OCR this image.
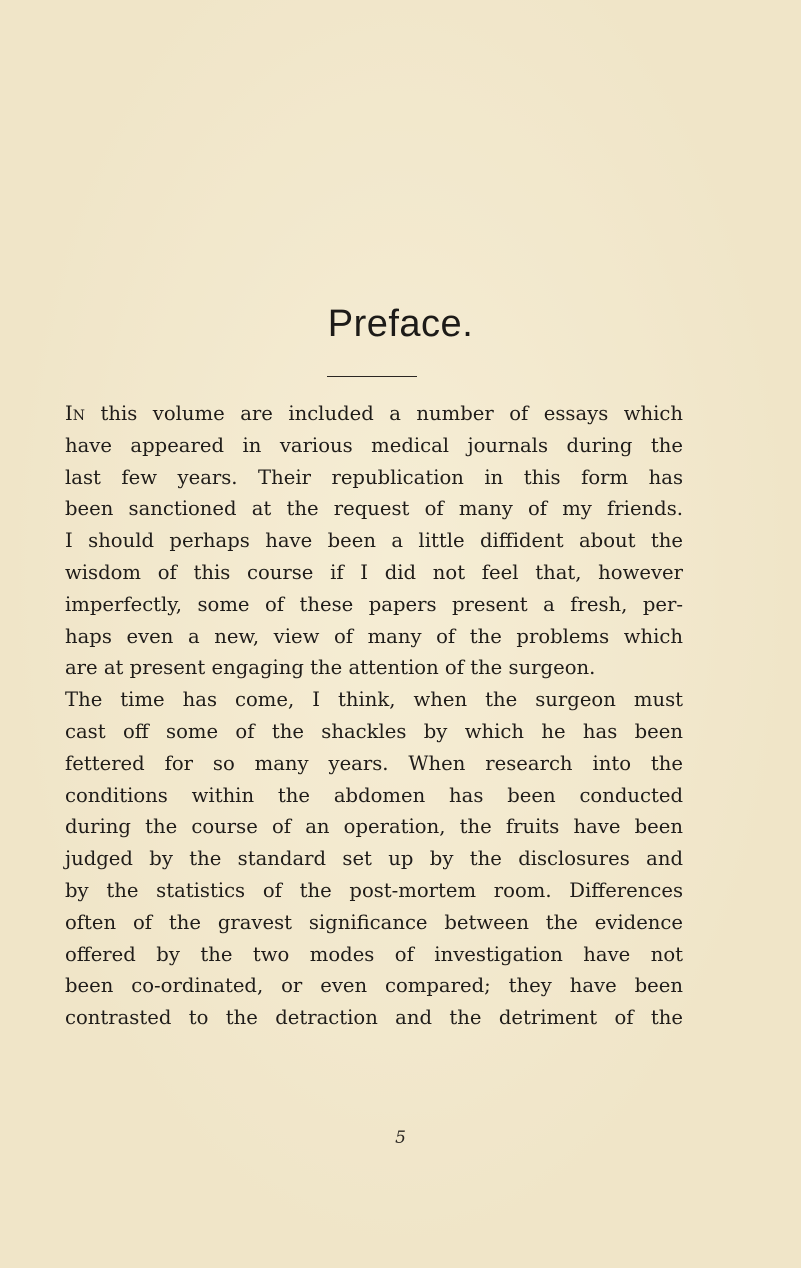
Preface.
In this volume are included a number of essays which
have appeared in various medical journals during the
last few years. Their republication in this form has
been sanctioned at the request of many of my friends.
I should perhaps have been a little diffident about the
wisdom of this course if I did not feel that, however
imperfectly, some of these papers present a fresh, per-
haps even a new, view of many of the problems which
are at present engaging the attention of the surgeon.
The time has come, I think, when the surgeon must
cast off some of the shackles by which he has been
fettered for so many years. When research into the
conditions within the abdomen has been conducted
during the course of an operation, the fruits have been
judged by the standard set up by the disclosures and
by the statistics of the post-mortem room. Differences
often of the gravest significance between the evidence
offered by the two modes of investigation have not
been co-ordinated, or even compared; they have been
contrasted to the detraction and the detriment of the
5
